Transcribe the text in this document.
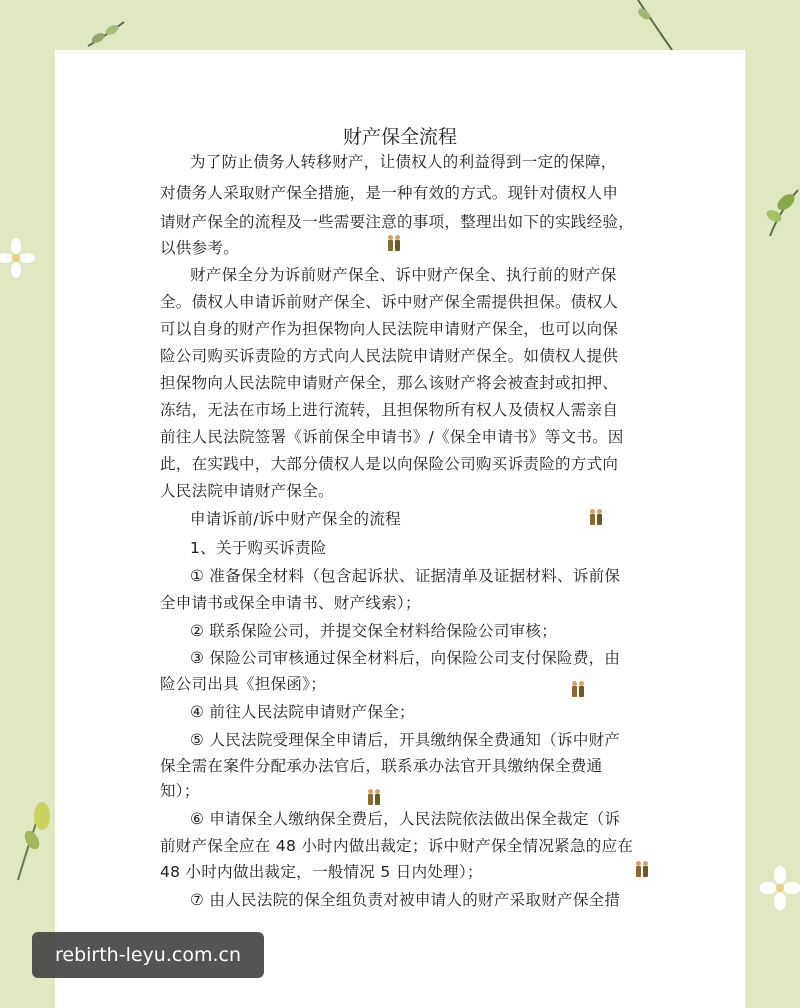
财产保全流程
为了防止债务人转移财产，让债权人的利益得到一定的保障，
对债务人采取财产保全措施，是一种有效的方式。现针对债权人申
请财产保全的流程及一些需要注意的事项，整理出如下的实践经验，
以供参考。
财产保全分为诉前财产保全、诉中财产保全、执行前的财产保
全。债权人申请诉前财产保全、诉中财产保全需提供担保。债权人
可以自身的财产作为担保物向人民法院申请财产保全，也可以向保
险公司购买诉责险的方式向人民法院申请财产保全。如债权人提供
担保物向人民法院申请财产保全，那么该财产将会被查封或扣押、
冻结，无法在市场上进行流转，且担保物所有权人及债权人需亲自
前往人民法院签署《诉前保全申请书》/《保全申请书》等文书。因
此，在实践中，大部分债权人是以向保险公司购买诉责险的方式向
人民法院申请财产保全。
申请诉前/诉中财产保全的流程
1、关于购买诉责险
① 准备保全材料（包含起诉状、证据清单及证据材料、诉前保
全申请书或保全申请书、财产线索）；
② 联系保险公司，并提交保全材料给保险公司审核；
③ 保险公司审核通过保全材料后，向保险公司支付保险费，由
险公司出具《担保函》；
④ 前往人民法院申请财产保全；
⑤ 人民法院受理保全申请后，开具缴纳保全费通知（诉中财产
保全需在案件分配承办法官后，联系承办法官开具缴纳保全费通
知）；
⑥ 申请保全人缴纳保全费后，人民法院依法做出保全裁定（诉
前财产保全应在 48 小时内做出裁定；诉中财产保全情况紧急的应在
48 小时内做出裁定，一般情况 5 日内处理）；
⑦ 由人民法院的保全组负责对被申请人的财产采取财产保全措
rebirth-leyu.com.cn
